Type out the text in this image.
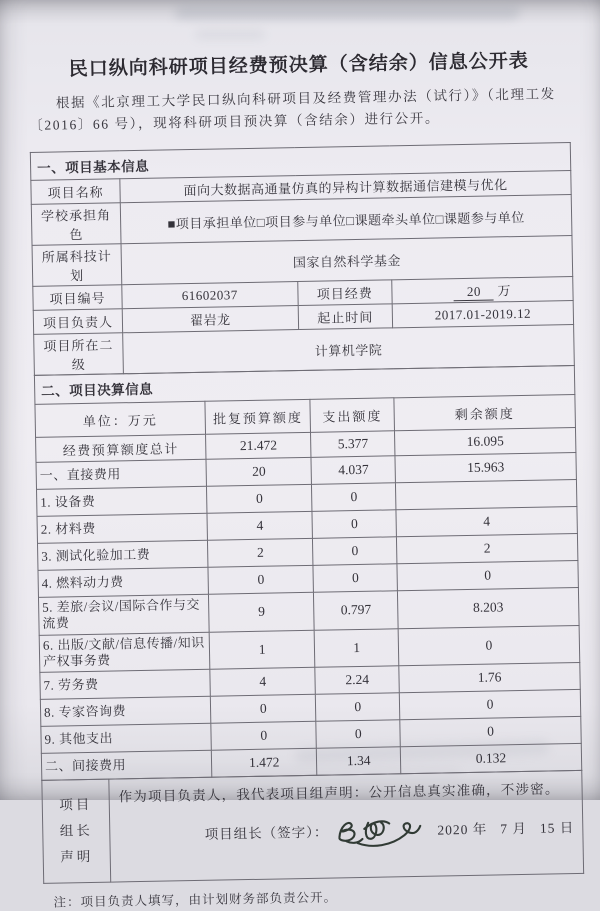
民口纵向科研项目经费预决算（含结余）信息公开表

根据《北京理工大学民口纵向科研项目及经费管理办法（试行）》（北理工发〔2016〕66 号），现将科研项目预决算（含结余）进行公开。

一、项目基本信息			
项目名称	面向大数据高通量仿真的异构计算数据通信建模与优化		
学校承担角色	■项目承担单位□项目参与单位□课题牵头单位□课题参与单位		
所属科技计划	国家自然科学基金		
项目编号	61602037	项目经费	20 万
项目负责人	翟岩龙	起止时间	2017.01-2019.12
项目所在二级	计算机学院		
二、项目决算信息			
单位：万元	批复预算额度	支出额度	剩余额度
经费预算额度总计	21.472	5.377	16.095
一、直接费用	20	4.037	15.963
1. 设备费	0	0	
2. 材料费	4	0	4
3. 测试化验加工费	2	0	2
4. 燃料动力费	0	0	0
5. 差旅/会议/国际合作与交流费	9	0.797	8.203
6. 出版/文献/信息传播/知识产权事务费	1	1	0
7. 劳务费	4	2.24	1.76
8. 专家咨询费	0	0	0
9. 其他支出	0	0	0
二、间接费用	1.472	1.34	0.132
项目组长声明	
作为项目负责人，我代表项目组声明：公开信息真实准确，不涉密。
项目组长（签字）：	2020 年 7 月 15 日

注：项目负责人填写，由计划财务部负责公开。
